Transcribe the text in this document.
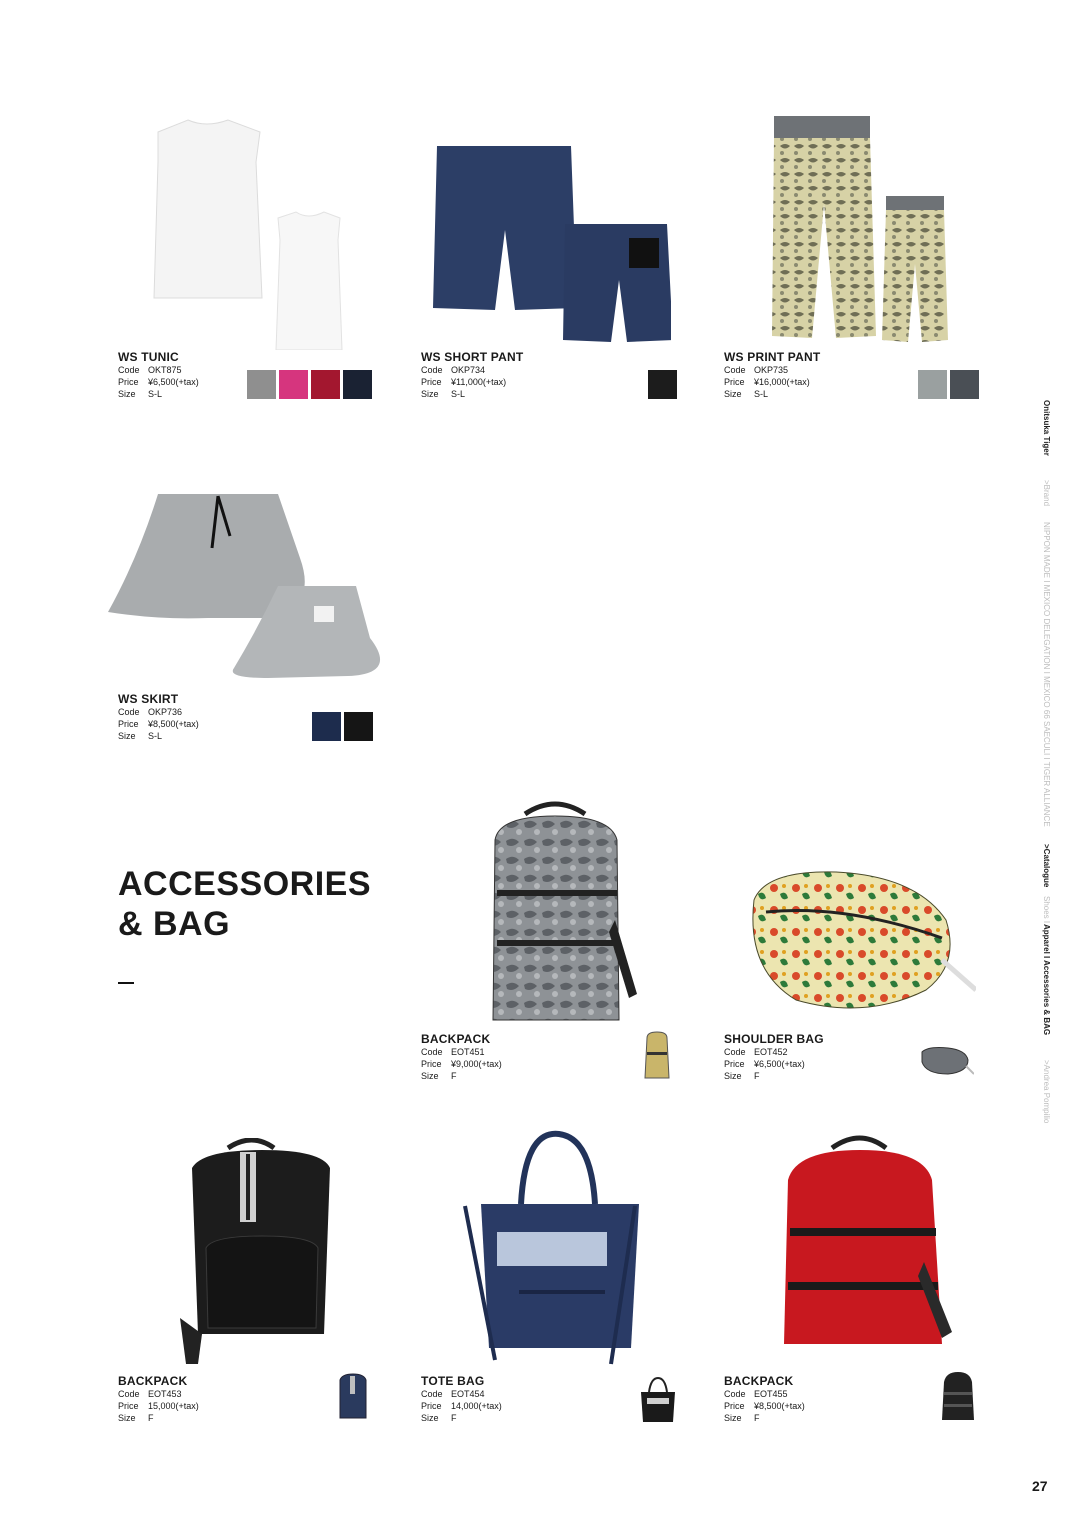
WS TUNIC
Code OKT875
Price	¥6,500(+tax)
Size	S-L
WS SHORT PANT
Code OKP734
Price	¥11,000(+tax)
Size	S-L
WS PRINT PANT
Code OKP735
Price	¥16,000(+tax)
Size	S-L
WS SKIRT
Code OKP736
Price	¥8,500(+tax)
Size	S-L
ACCESSORIES
& BAG
BACKPACK
Code EOT451
Price	¥9,000(+tax)
Size	F
SHOULDER BAG
Code EOT452
Price	¥6,500(+tax)
Size	F
BACKPACK
Code EOT453
Price	15,000(+tax)
Size	F
TOTE BAG
Code EOT454
Price	14,000(+tax)
Size	F
BACKPACK
Code EOT455
Price	¥8,500(+tax)
Size	F
Onitsuka Tiger
>Brand
NIPPON MADE I MEXICO DELEGATION I MEXICO 66 SAECULI I TIGER ALLIANCE
>Catalogue
Shoes I
Apparel I
Accessories & BAG
>Andrea Pompilio
27
